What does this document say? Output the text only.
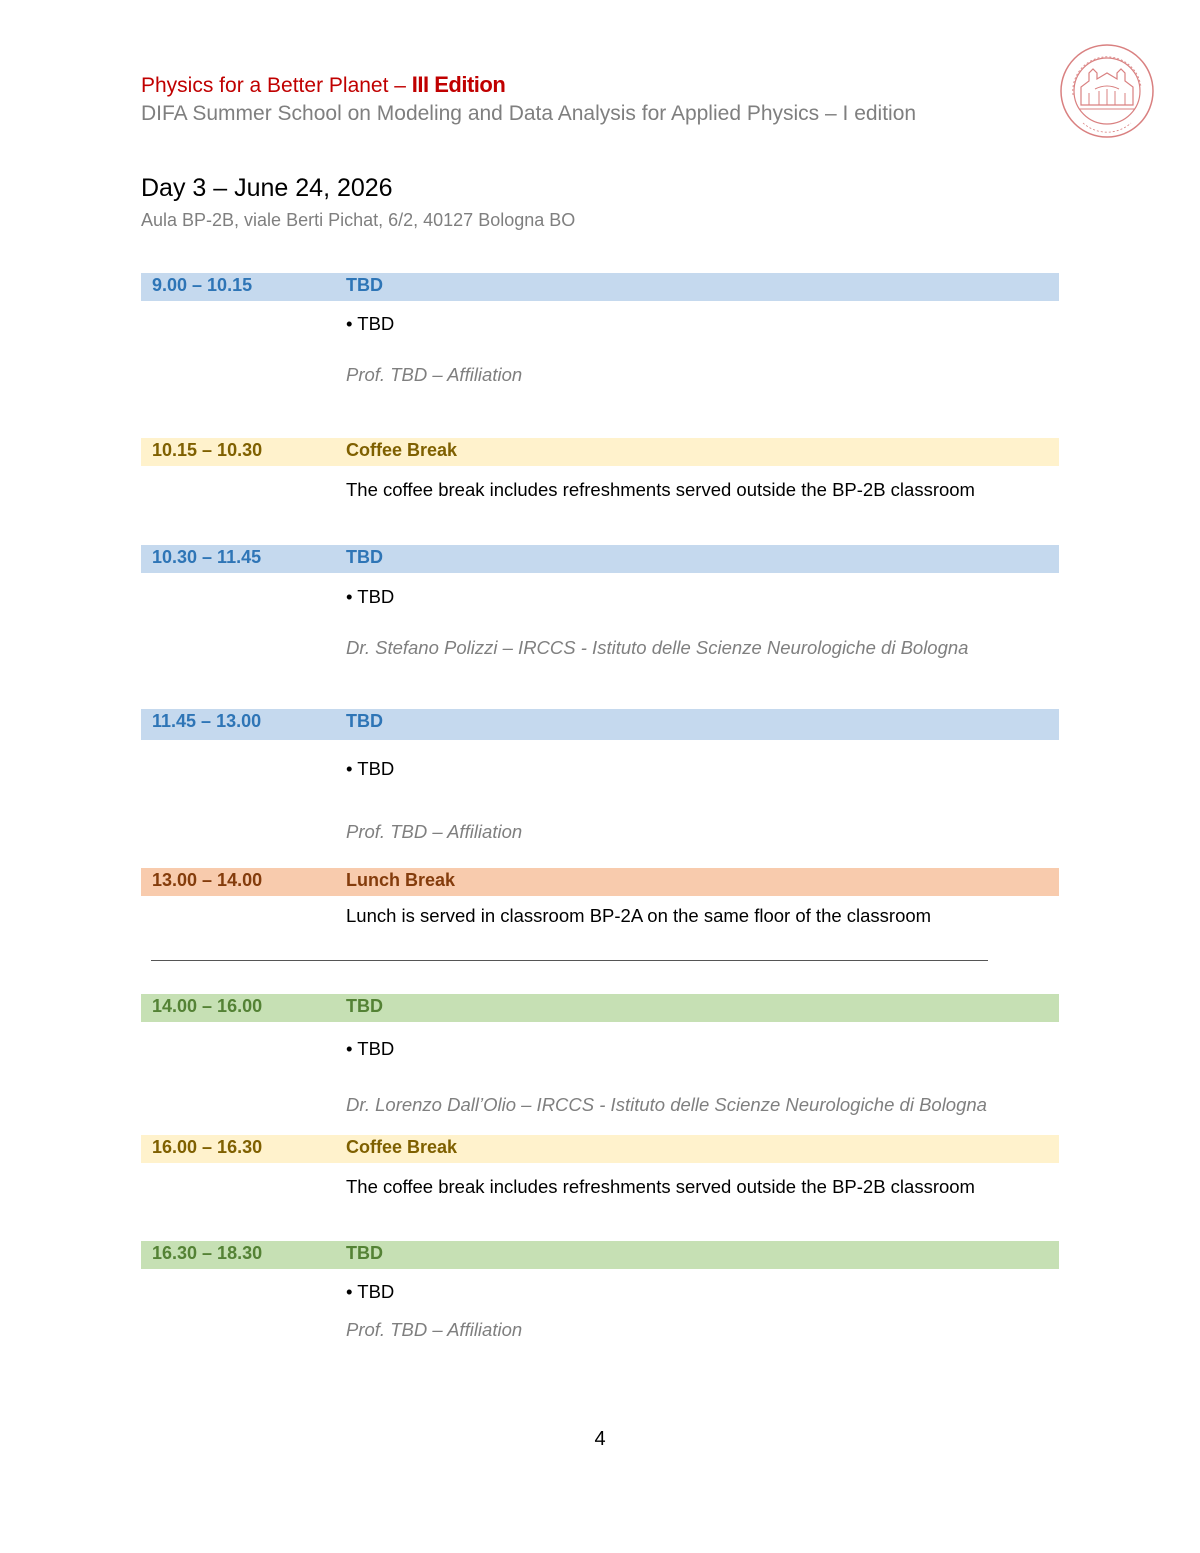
Physics for a Better Planet – III Edition
DIFA Summer School on Modeling and Data Analysis for Applied Physics – I edition
Day 3 – June 24, 2026
Aula BP-2B, viale Berti Pichat, 6/2, 40127 Bologna BO
9.00 – 10.15	TBD
• TBD
Prof. TBD – Affiliation
10.15 – 10.30	Coffee Break
The coffee break includes refreshments served outside the BP-2B classroom
10.30 – 11.45	TBD
• TBD
Dr. Stefano Polizzi – IRCCS - Istituto delle Scienze Neurologiche di Bologna
11.45 – 13.00	TBD
• TBD
Prof. TBD – Affiliation
13.00 – 14.00	Lunch Break
Lunch is served in classroom BP-2A on the same floor of the classroom
14.00 – 16.00	TBD
• TBD
Dr. Lorenzo Dall’Olio – IRCCS - Istituto delle Scienze Neurologiche di Bologna
16.00 – 16.30	Coffee Break
The coffee break includes refreshments served outside the BP-2B classroom
16.30 – 18.30	TBD
• TBD
Prof. TBD – Affiliation
4
